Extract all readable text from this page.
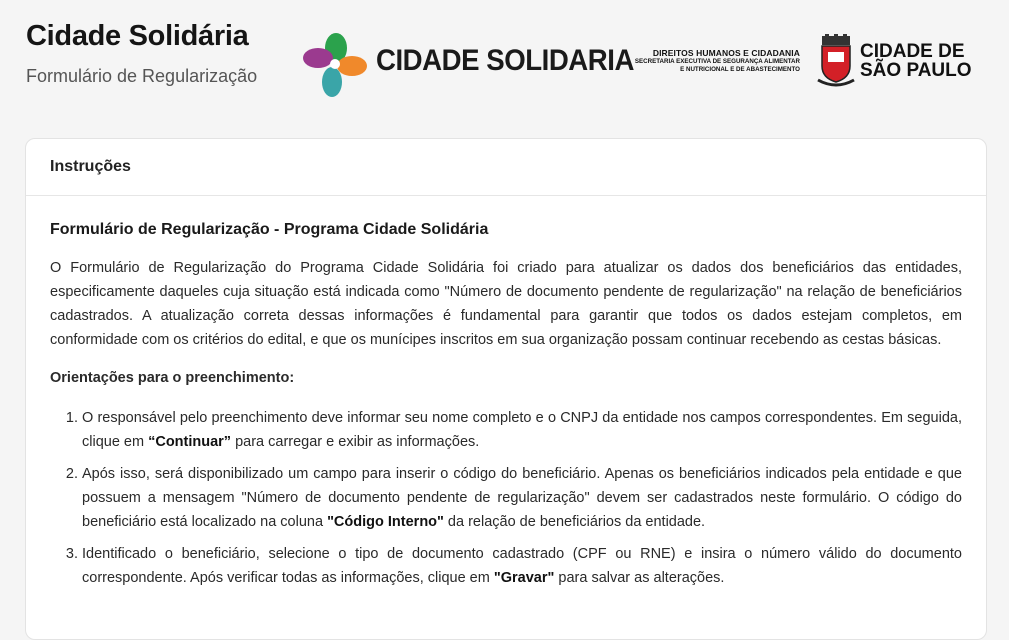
Cidade Solidária
Formulário de Regularização	CIDADE SOLIDARIA	DIREITOS HUMANOS E CIDADANIA
SECRETARIA EXECUTIVA DE SEGURANÇA ALIMENTAR
E NUTRICIONAL E DE ABASTECIMENTO
CIDADE DE
SÃO PAULO
Instruções
Formulário de Regularização - Programa Cidade Solidária

O Formulário de Regularização do Programa Cidade Solidária foi criado para atualizar os dados dos beneficiários das entidades, especificamente daqueles cuja situação está indicada como "Número de documento pendente de regularização" na relação de beneficiários cadastrados. A atualização correta dessas informações é fundamental para garantir que todos os dados estejam completos, em conformidade com os critérios do edital, e que os munícipes inscritos em sua organização possam continuar recebendo as cestas básicas.

Orientações para o preenchimento:
1. O responsável pelo preenchimento deve informar seu nome completo e o CNPJ da entidade nos campos correspondentes. Em seguida, clique em “Continuar” para carregar e exibir as informações.
2. Após isso, será disponibilizado um campo para inserir o código do beneficiário. Apenas os beneficiários indicados pela entidade e que possuem a mensagem "Número de documento pendente de regularização" devem ser cadastrados neste formulário. O código do beneficiário está localizado na coluna "Código Interno" da relação de beneficiários da entidade.
3. Identificado o beneficiário, selecione o tipo de documento cadastrado (CPF ou RNE) e insira o número válido do documento correspondente. Após verificar todas as informações, clique em "Gravar" para salvar as alterações.
